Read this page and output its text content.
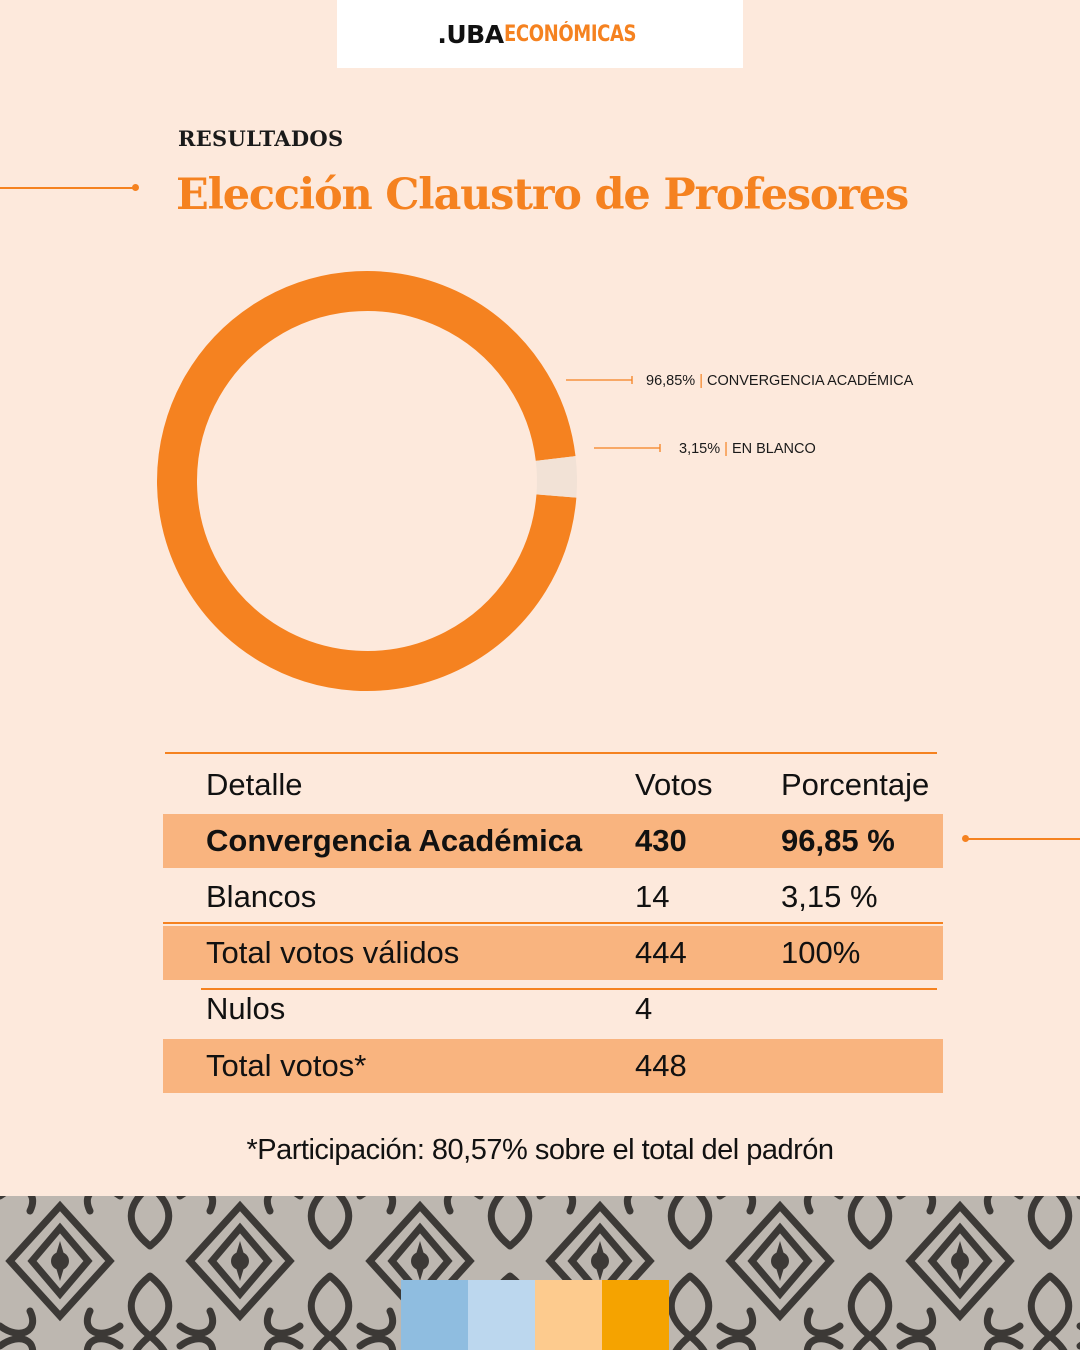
.UBA ECONÓMICAS
RESULTADOS
Elección Claustro de Profesores
96,85% | CONVERGENCIA ACADÉMICA
3,15% | EN BLANCO
Detalle	Votos Porcentaje
Convergencia Académica 430	96,85 %
Blancos	14	3,15 %
Total votos válidos	444	100%
Nulos	4
Total votos*	448
*Participación: 80,57% sobre el total del padrón
